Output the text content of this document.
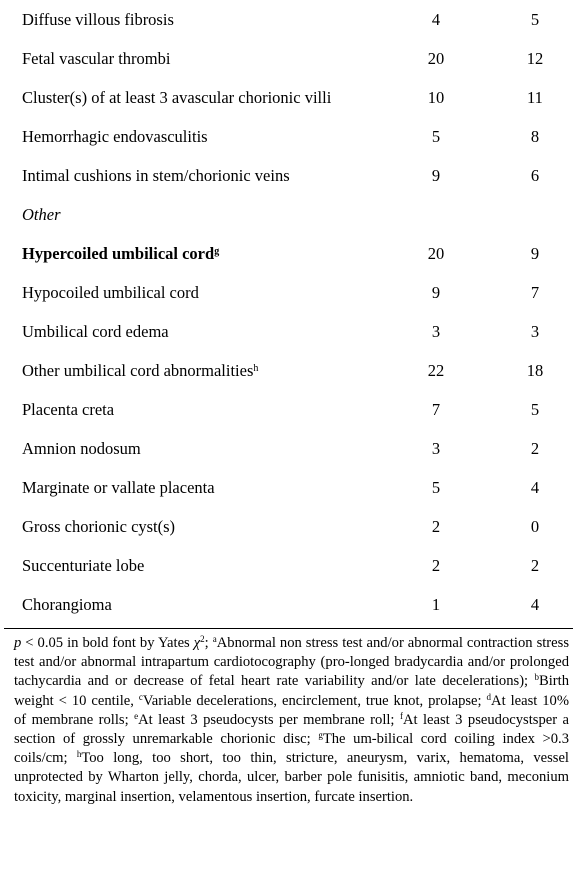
Diffuse villous fibrosis	4	5
Fetal vascular thrombi	20	12
Cluster(s) of at least 3 avascular chorionic villi	10	11
Hemorrhagic endovasculitis	5	8
Intimal cushions in stem/chorionic veins	9	6
Other
Hypercoiled umbilical cord$^g$	20	9
Hypocoiled umbilical cord	9	7
Umbilical cord edema	3	3
Other umbilical cord abnormalities$^h$	22	18
Placenta creta	7	5
Amnion nodosum	3	2
Marginate or vallate placenta	5	4
Gross chorionic cyst(s)	2	0
Succenturiate lobe	2	2
Chorangioma	1	4
p < 0.05 in bold font by Yates $\chi^2$; $^a$Abnormal non stress test and/or abnormal contraction stress test and/or abnormal intrapartum cardiotocography (pro-longed bradycardia and/or prolonged tachycardia and or decrease of fetal heart rate variability and/or late decelerations); $^b$Birth weight < 10 centile, $^c$Variable decelerations, encirclement, true knot, prolapse; $^d$At least 10% of membrane rolls; $^e$At least 3 pseudocysts per membrane roll; $^f$At least 3 pseudocystsper a section of grossly unremarkable chorionic disc; $^g$The um-bilical cord coiling index >0.3 coils/cm; $^h$Too long, too short, too thin, stricture, aneurysm, varix, hematoma, vessel unprotected by Wharton jelly, chorda, ulcer, barber pole funisitis, amniotic band, meconium toxicity, marginal insertion, velamentous insertion, furcate insertion.
